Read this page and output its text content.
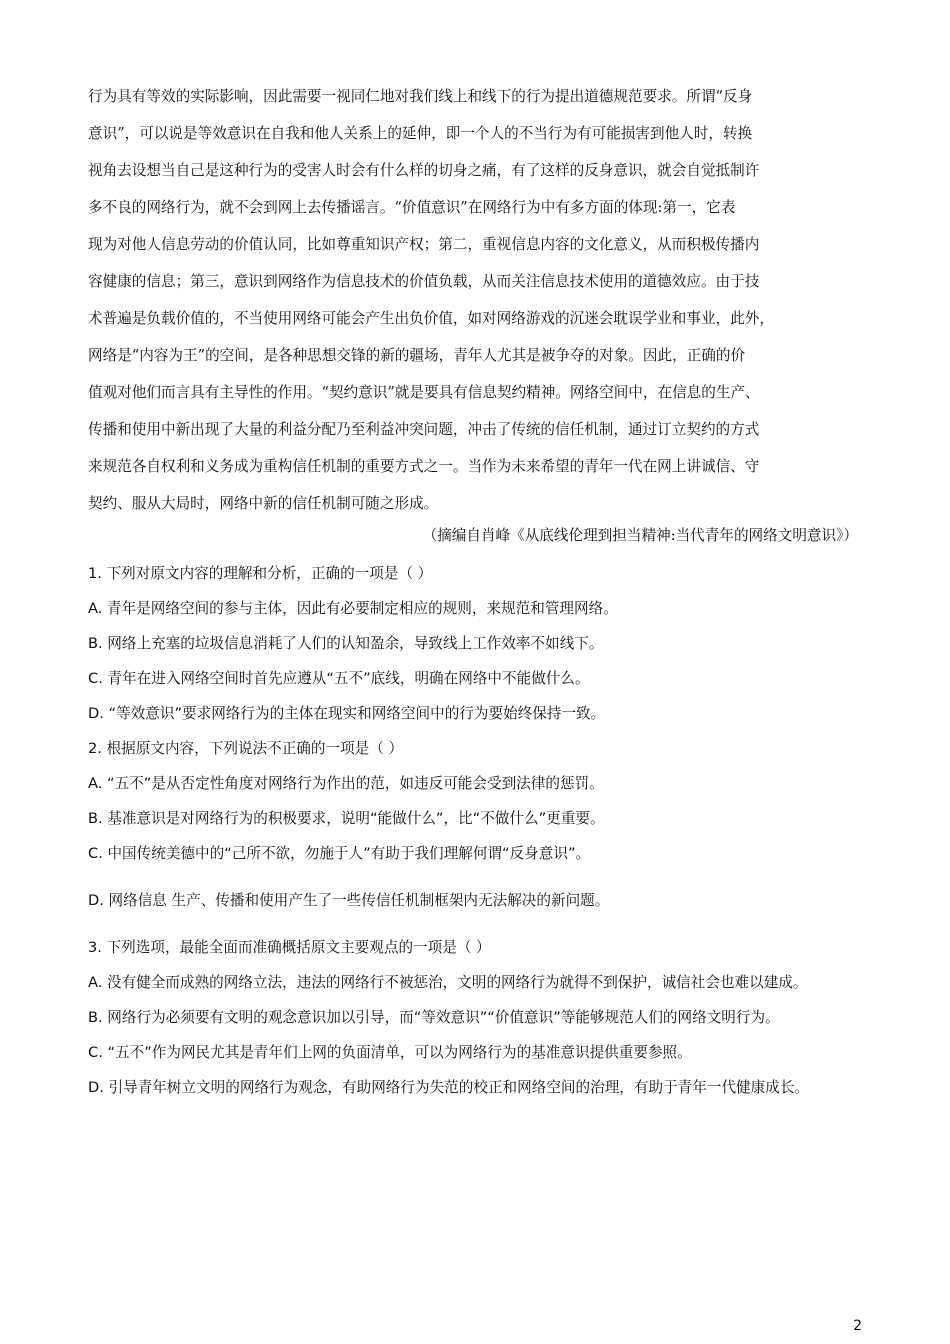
行为具有等效的实际影响，因此需要一视同仁地对我们线上和线下的行为提出道德规范要求。所谓“反身
意识”，可以说是等效意识在自我和他人关系上的延伸，即一个人的不当行为有可能损害到他人时，转换
视角去设想当自己是这种行为的受害人时会有什么样的切身之痛，有了这样的反身意识，就会自觉抵制许
多不良的网络行为，就不会到网上去传播谣言。“价值意识”在网络行为中有多方面的体现:第一，它表
现为对他人信息劳动的价值认同，比如尊重知识产权；第二，重视信息内容的文化意义，从而积极传播内
容健康的信息；第三，意识到网络作为信息技术的价值负载，从而关注信息技术使用的道德效应。由于技
术普遍是负载价值的，不当使用网络可能会产生出负价值，如对网络游戏的沉迷会耽误学业和事业，此外，
网络是“内容为王”的空间，是各种思想交锋的新的疆场，青年人尤其是被争夺的对象。因此，正确的价
值观对他们而言具有主导性的作用。“契约意识”就是要具有信息契约精神。网络空间中，在信息的生产、
传播和使用中新出现了大量的利益分配乃至利益冲突问题，冲击了传统的信任机制，通过订立契约的方式
来规范各自权利和义务成为重构信任机制的重要方式之一。当作为未来希望的青年一代在网上讲诚信、守
契约、服从大局时，网络中新的信任机制可随之形成。
（摘编自肖峰《从底线伦理到担当精神:当代青年的网络文明意识》）
1. 下列对原文内容的理解和分析，正确的一项是（ ）
A. 青年是网络空间的参与主体，因此有必要制定相应的规则，来规范和管理网络。
B. 网络上充塞的垃圾信息消耗了人们的认知盈余，导致线上工作效率不如线下。
C. 青年在进入网络空间时首先应遵从“五不”底线，明确在网络中不能做什么。
D. “等效意识”要求网络行为的主体在现实和网络空间中的行为要始终保持一致。
2. 根据原文内容，下列说法不正确的一项是（ ）
A. “五不”是从否定性角度对网络行为作出的范，如违反可能会受到法律的惩罚。
B. 基准意识是对网络行为的积极要求，说明“能做什么”，比“不做什么”更重要。
C. 中国传统美德中的“己所不欲，勿施于人”有助于我们理解何谓“反身意识”。
D. 网络信息 生产、传播和使用产生了一些传信任机制框架内无法解决的新问题。
3. 下列选项，最能全面而准确概括原文主要观点的一项是（ ）
A. 没有健全而成熟的网络立法，违法的网络行不被惩治，文明的网络行为就得不到保护，诚信社会也难以建成。
B. 网络行为必须要有文明的观念意识加以引导，而“等效意识”“价值意识”等能够规范人们的网络文明行为。
C. “五不”作为网民尤其是青年们上网的负面清单，可以为网络行为的基准意识提供重要参照。
D. 引导青年树立文明的网络行为观念，有助网络行为失范的校正和网络空间的治理，有助于青年一代健康成长。
2
